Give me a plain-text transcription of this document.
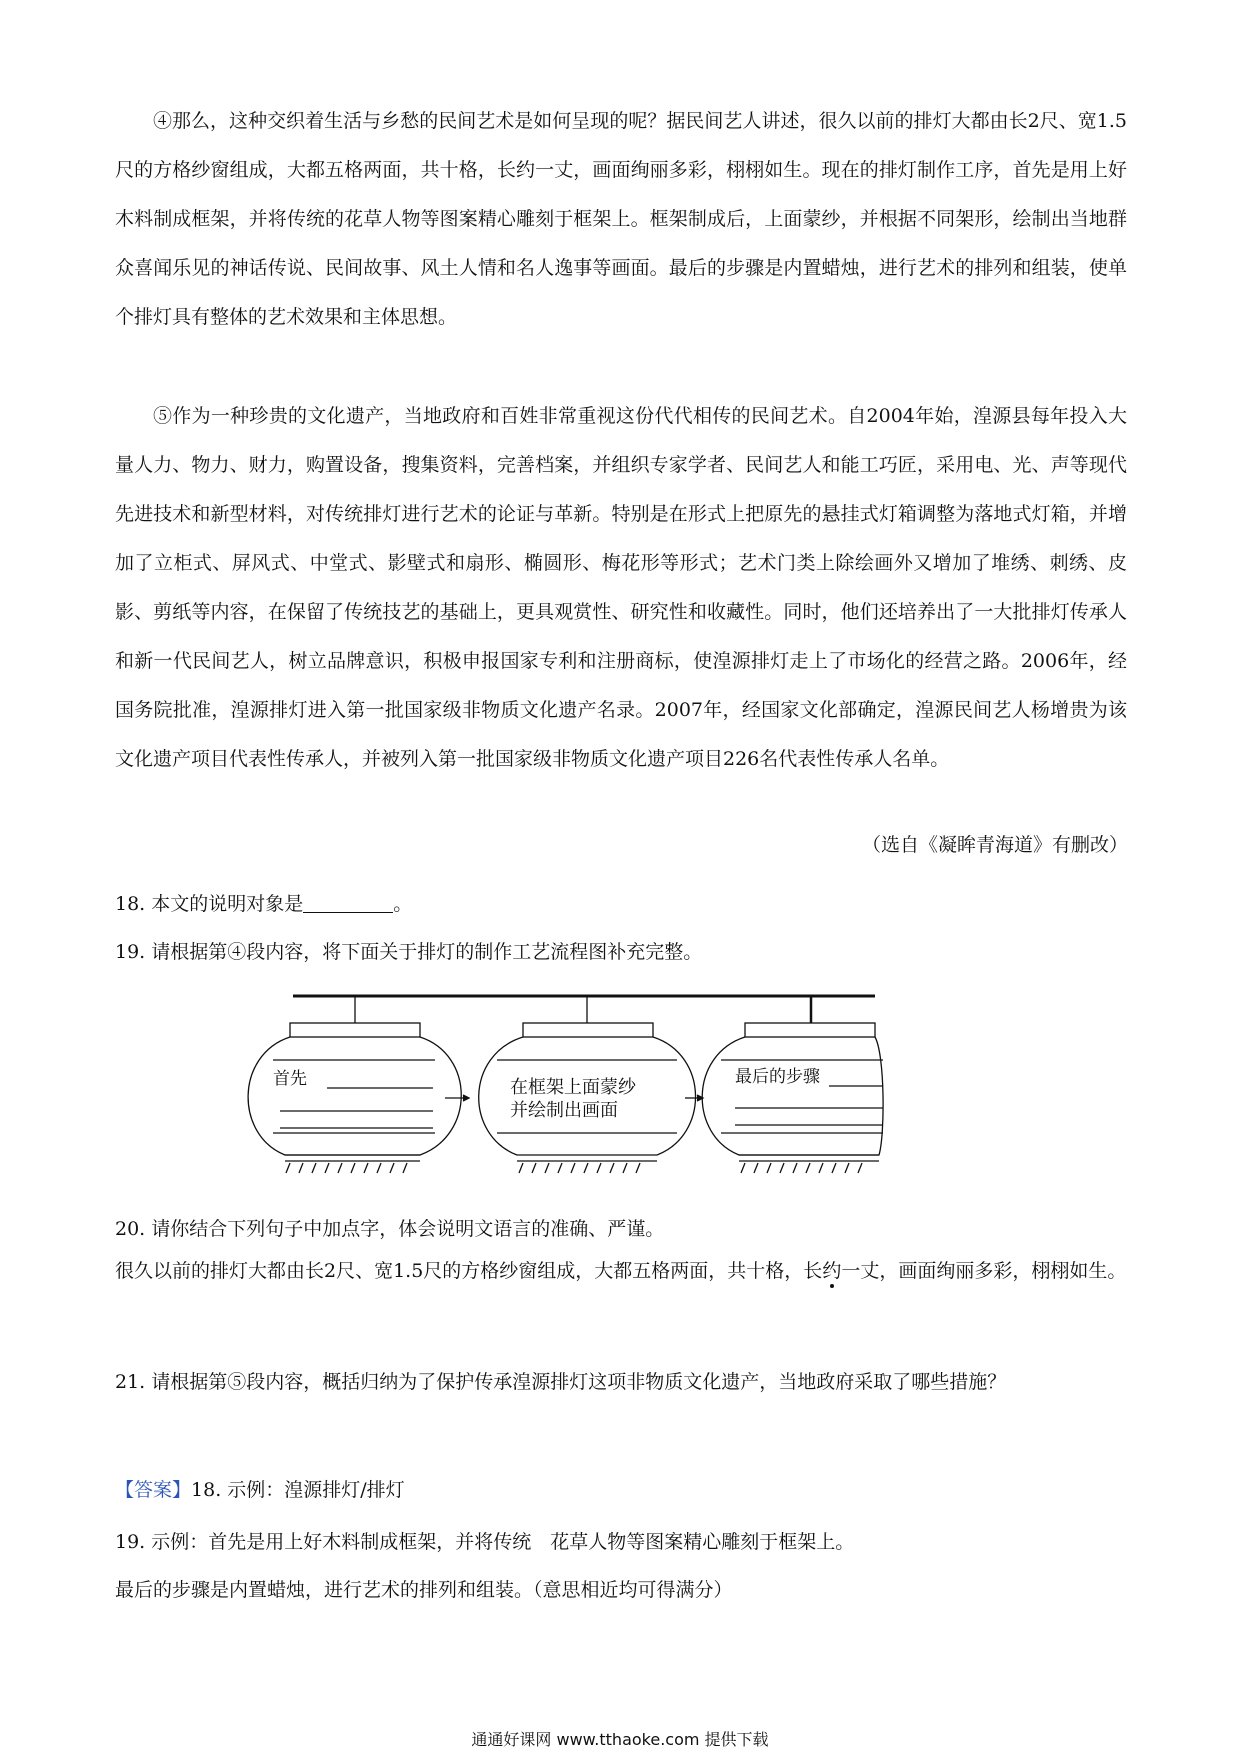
④那么，这种交织着生活与乡愁的民间艺术是如何呈现的呢？据民间艺人讲述，很久以前的排灯大都由长2尺、宽1.5尺的方格纱窗组成，大都五格两面，共十格，长约一丈，画面绚丽多彩，栩栩如生。现在的排灯制作工序，首先是用上好木料制成框架，并将传统的花草人物等图案精心雕刻于框架上。框架制成后，上面蒙纱，并根据不同架形，绘制出当地群众喜闻乐见的神话传说、民间故事、风土人情和名人逸事等画面。最后的步骤是内置蜡烛，进行艺术的排列和组装，使单个排灯具有整体的艺术效果和主体思想。

⑤作为一种珍贵的文化遗产，当地政府和百姓非常重视这份代代相传的民间艺术。自2004年始，湟源县每年投入大量人力、物力、财力，购置设备，搜集资料，完善档案，并组织专家学者、民间艺人和能工巧匠，采用电、光、声等现代先进技术和新型材料，对传统排灯进行艺术的论证与革新。特别是在形式上把原先的悬挂式灯箱调整为落地式灯箱，并增加了立柜式、屏风式、中堂式、影壁式和扇形、椭圆形、梅花形等形式；艺术门类上除绘画外又增加了堆绣、刺绣、皮影、剪纸等内容，在保留了传统技艺的基础上，更具观赏性、研究性和收藏性。同时，他们还培养出了一大批排灯传承人和新一代民间艺人，树立品牌意识，积极申报国家专利和注册商标，使湟源排灯走上了市场化的经营之路。2006年，经国务院批准，湟源排灯进入第一批国家级非物质文化遗产名录。2007年，经国家文化部确定，湟源民间艺人杨增贵为该文化遗产项目代表性传承人，并被列入第一批国家级非物质文化遗产项目226名代表性传承人名单。

（选自《凝眸青海道》有删改）

18. 本文的说明对象是	。

19. 请根据第④段内容，将下面关于排灯的制作工艺流程图补充完整。

首先	在框架上面蒙纱
并绘制出画面
最后的步骤

20. 请你结合下列句子中加点字，体会说明文语言的准确、严谨。

很久以前的排灯大都由长2尺、宽1.5尺的方格纱窗组成，大都五格两面，共十格，长约一丈，画面绚丽多彩，栩栩如生。

21. 请根据第⑤段内容，概括归纳为了保护传承湟源排灯这项非物质文化遗产，当地政府采取了哪些措施？

【答案】18. 示例：湟源排灯/排灯

19. 示例：首先是用上好木料制成框架，并将传统　花草人物等图案精心雕刻于框架上。

最后的步骤是内置蜡烛，进行艺术的排列和组装。（意思相近均可得满分）

通通好课网 www.tthaoke.com 提供下载
